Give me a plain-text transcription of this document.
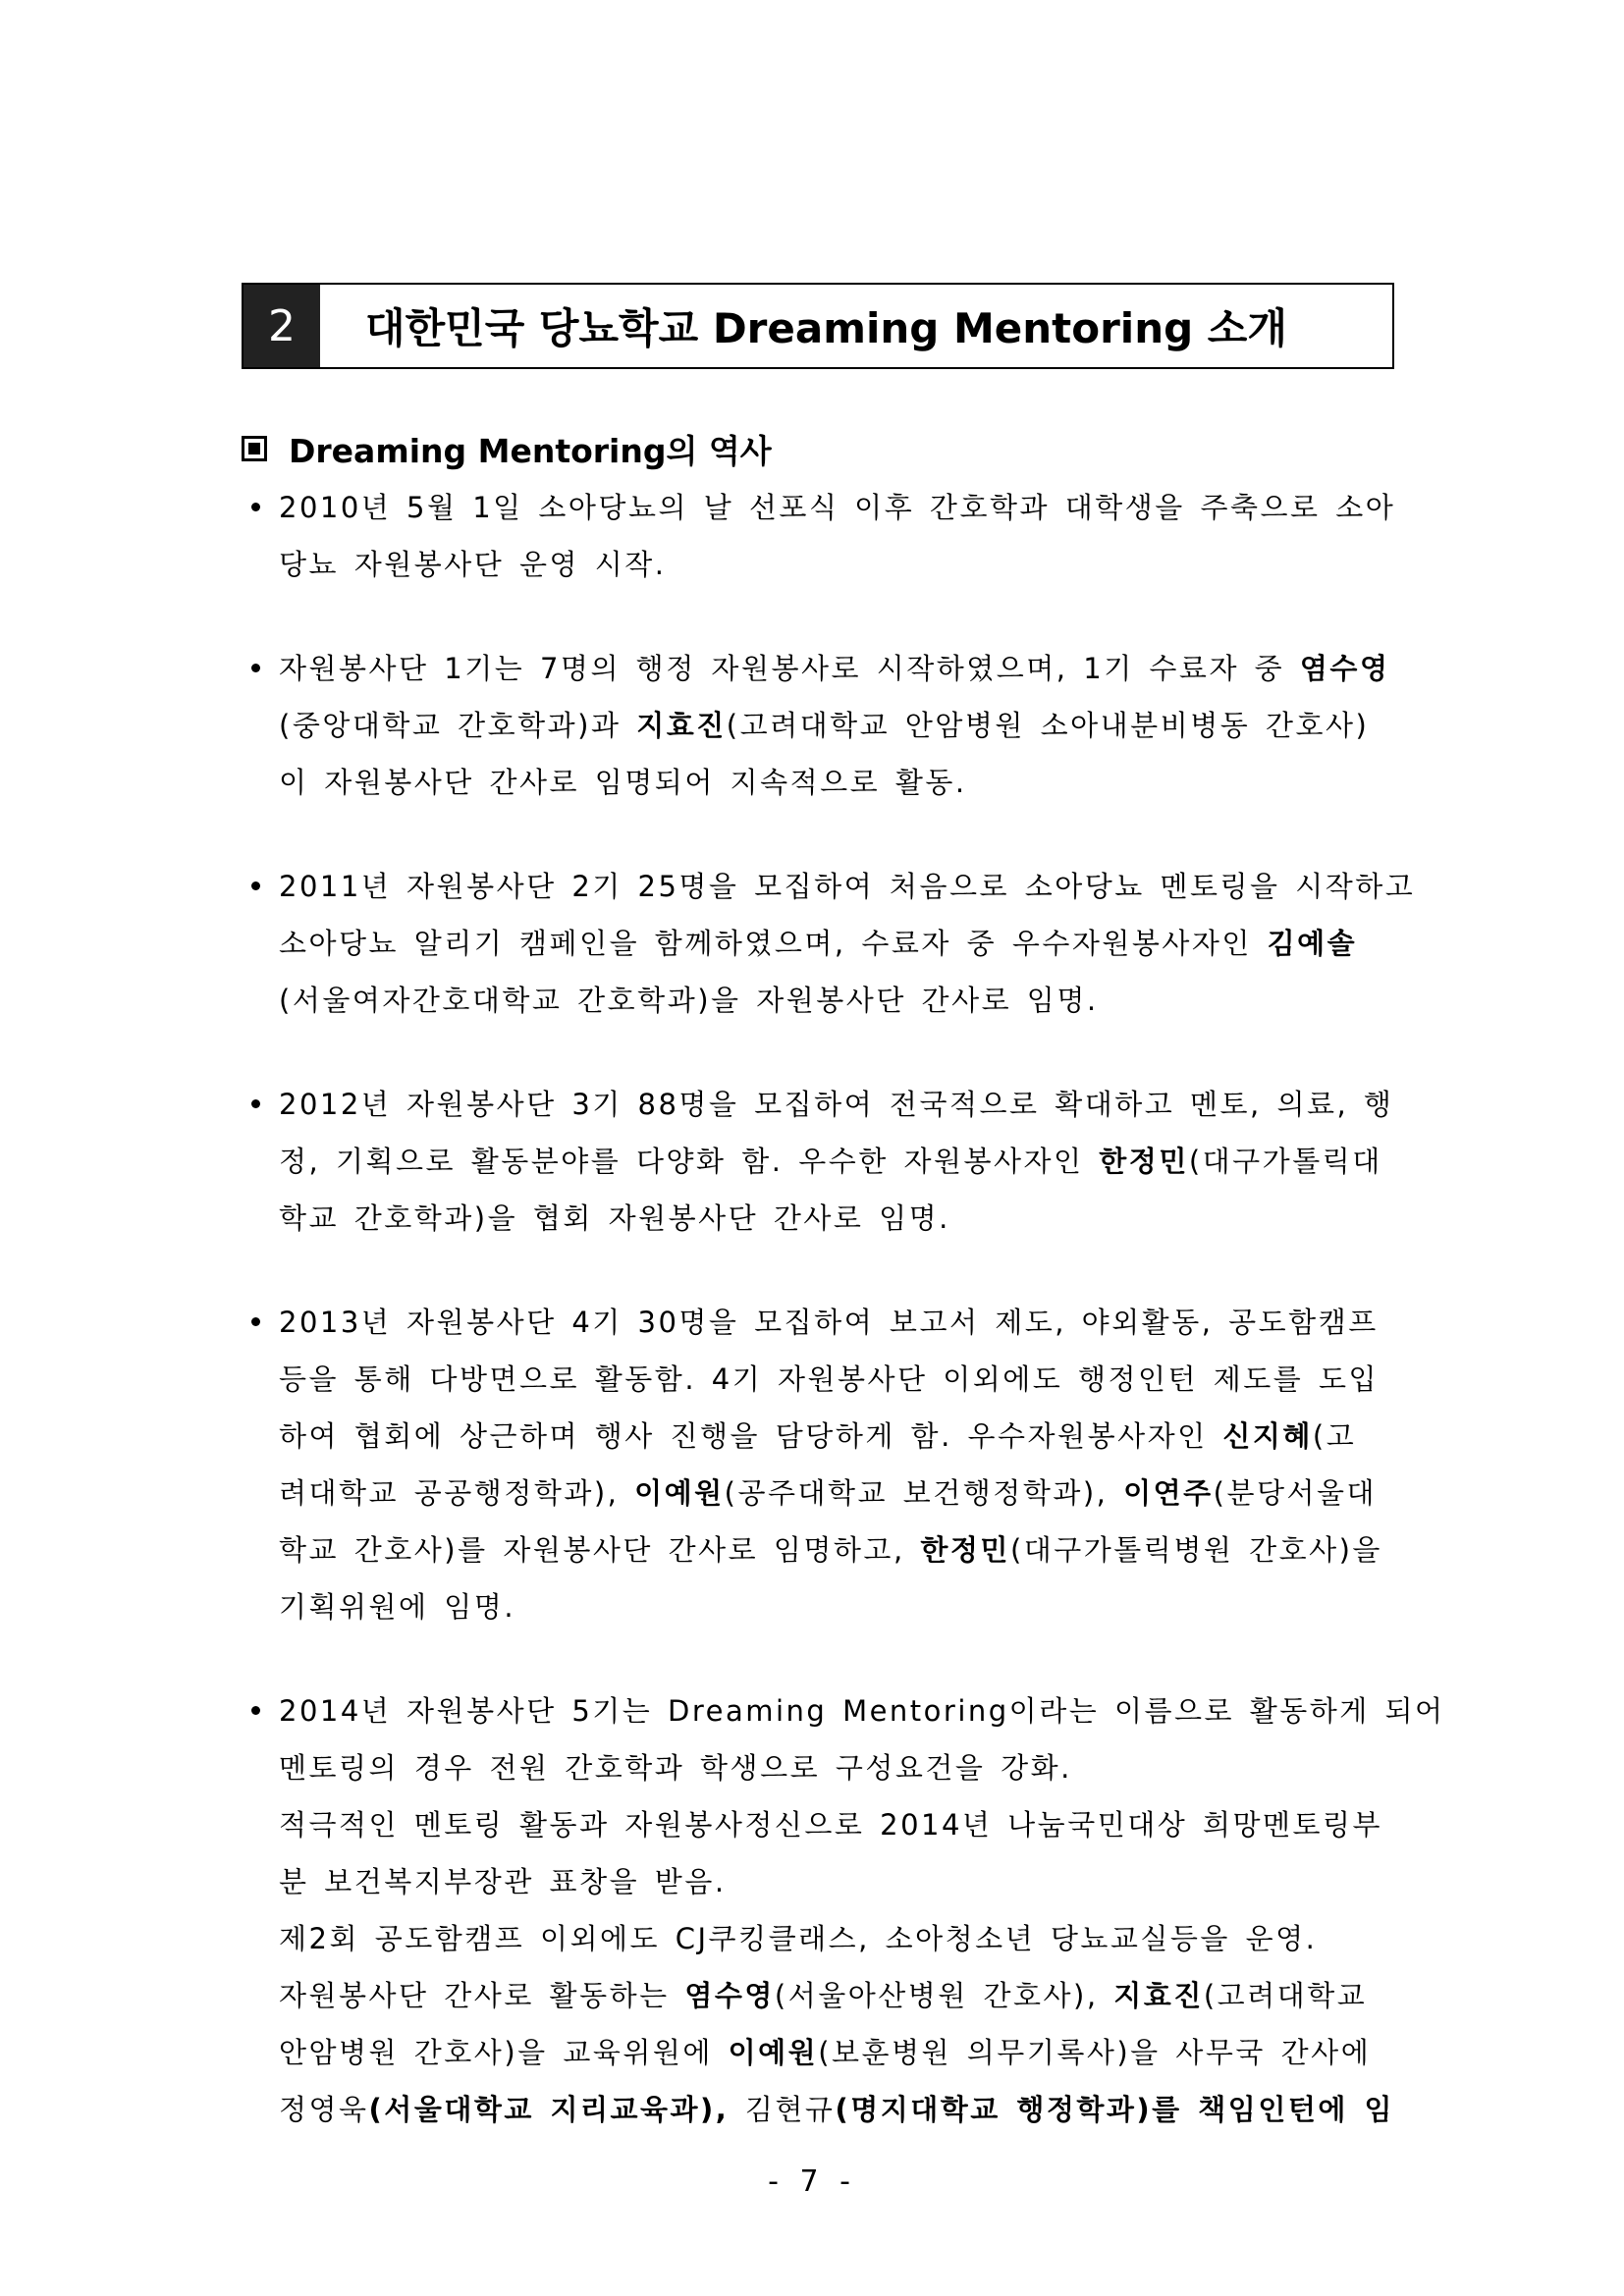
2	대한민국 당뇨학교 Dreaming Mentoring 소개
Dreaming Mentoring의 역사
2010년 5월 1일 소아당뇨의 날 선포식 이후 간호학과 대학생을 주축으로 소아
당뇨 자원봉사단 운영 시작.
자원봉사단 1기는 7명의 행정 자원봉사로 시작하였으며, 1기 수료자 중 염수영
(중앙대학교 간호학과)과 지효진(고려대학교 안암병원 소아내분비병동 간호사)
이 자원봉사단 간사로 임명되어 지속적으로 활동.
2011년 자원봉사단 2기 25명을 모집하여 처음으로 소아당뇨 멘토링을 시작하고
소아당뇨 알리기 캠페인을 함께하였으며, 수료자 중 우수자원봉사자인 김예솔
(서울여자간호대학교 간호학과)을 자원봉사단 간사로 임명.
2012년 자원봉사단 3기 88명을 모집하여 전국적으로 확대하고 멘토, 의료, 행
정, 기획으로 활동분야를 다양화 함. 우수한 자원봉사자인 한정민(대구가톨릭대
학교 간호학과)을 협회 자원봉사단 간사로 임명.
2013년 자원봉사단 4기 30명을 모집하여 보고서 제도, 야외활동, 공도함캠프
등을 통해 다방면으로 활동함. 4기 자원봉사단 이외에도 행정인턴 제도를 도입
하여 협회에 상근하며 행사 진행을 담당하게 함. 우수자원봉사자인 신지혜(고
려대학교 공공행정학과), 이예원(공주대학교 보건행정학과), 이연주(분당서울대
학교 간호사)를 자원봉사단 간사로 임명하고, 한정민(대구가톨릭병원 간호사)을
기획위원에 임명.
2014년 자원봉사단 5기는 Dreaming Mentoring이라는 이름으로 활동하게 되어
멘토링의 경우 전원 간호학과 학생으로 구성요건을 강화.
적극적인 멘토링 활동과 자원봉사정신으로 2014년 나눔국민대상 희망멘토링부
분 보건복지부장관 표창을 받음.
제2회 공도함캠프 이외에도 CJ쿠킹클래스, 소아청소년 당뇨교실등을 운영.
자원봉사단 간사로 활동하는 염수영(서울아산병원 간호사), 지효진(고려대학교
안암병원 간호사)을 교육위원에 이예원(보훈병원 의무기록사)을 사무국 간사에
정영욱(서울대학교 지리교육과), 김현규(명지대학교 행정학과)를 책임인턴에 임
- 7 -
